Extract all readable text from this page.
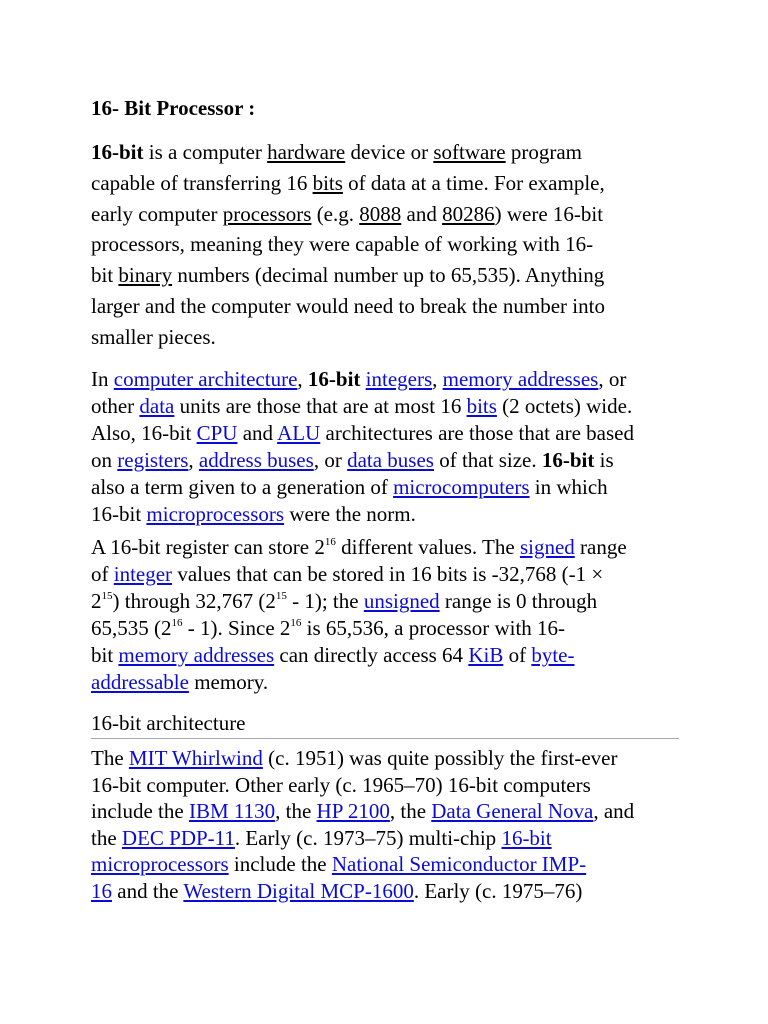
16- Bit Processor :
16-bit is a computer hardware device or software program
capable of transferring 16 bits of data at a time. For example,
early computer processors (e.g. 8088 and 80286) were 16-bit
processors, meaning they were capable of working with 16-
bit binary numbers (decimal number up to 65,535). Anything
larger and the computer would need to break the number into
smaller pieces.
In computer architecture, 16-bit integers, memory addresses, or
other data units are those that are at most 16 bits (2 octets) wide.
Also, 16-bit CPU and ALU architectures are those that are based
on registers, address buses, or data buses of that size. 16-bit is
also a term given to a generation of microcomputers in which
16-bit microprocessors were the norm.
A 16-bit register can store $2^{16}$ different values. The signed range
of integer values that can be stored in 16 bits is -32,768 (-1 ×
$2^{15}$) through 32,767 $(2^{15} - 1)$; the unsigned range is 0 through
65,535 $(2^{16} - 1)$. Since $2^{16}$ is 65,536, a processor with 16-
bit memory addresses can directly access 64 KiB of byte-
addressable memory.
16-bit architecture
The MIT Whirlwind (c. 1951) was quite possibly the first-ever
16-bit computer. Other early (c. 1965–70) 16-bit computers
include the IBM 1130, the HP 2100, the Data General Nova, and
the DEC PDP-11. Early (c. 1973–75) multi-chip 16-bit
microprocessors include the National Semiconductor IMP-
16 and the Western Digital MCP-1600. Early (c. 1975–76)
